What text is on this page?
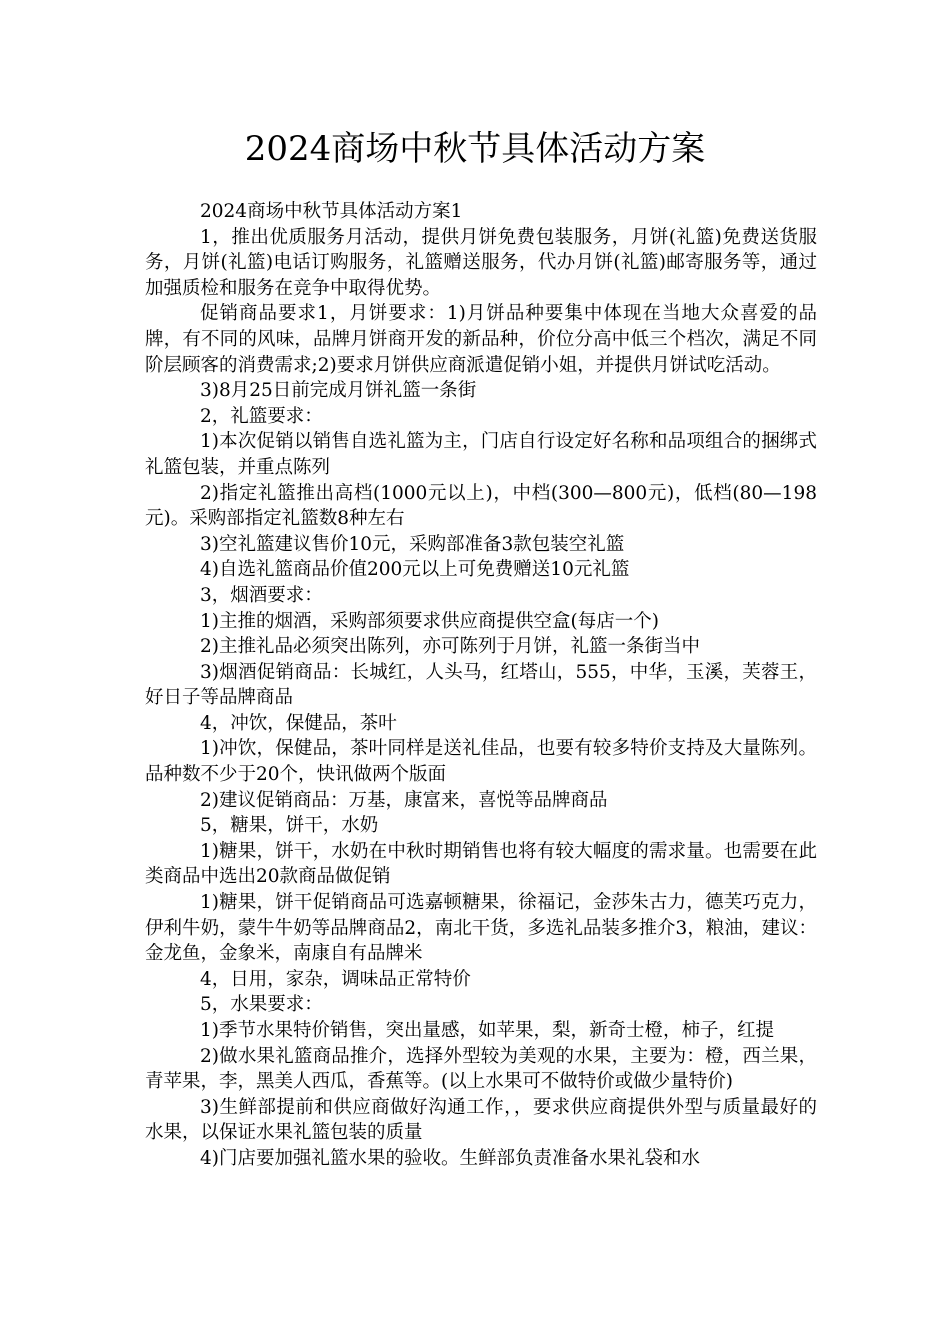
2024商场中秋节具体活动方案

2024商场中秋节具体活动方案1

1，推出优质服务月活动，提供月饼免费包装服务，月饼(礼篮)免费送货服务，月饼(礼篮)电话订购服务，礼篮赠送服务，代办月饼(礼篮)邮寄服务等，通过加强质检和服务在竞争中取得优势。

促销商品要求1，月饼要求：1)月饼品种要集中体现在当地大众喜爱的品牌，有不同的风味，品牌月饼商开发的新品种，价位分高中低三个档次，满足不同阶层顾客的消费需求;2)要求月饼供应商派遣促销小姐，并提供月饼试吃活动。

3)8月25日前完成月饼礼篮一条街

2，礼篮要求：

1)本次促销以销售自选礼篮为主，门店自行设定好名称和品项组合的捆绑式礼篮包装，并重点陈列

2)指定礼篮推出高档(1000元以上)，中档(300—800元)，低档(80—198元)。采购部指定礼篮数8种左右

3)空礼篮建议售价10元，采购部准备3款包装空礼篮

4)自选礼篮商品价值200元以上可免费赠送10元礼篮

3，烟酒要求：

1)主推的烟酒，采购部须要求供应商提供空盒(每店一个)

2)主推礼品必须突出陈列，亦可陈列于月饼，礼篮一条街当中

3)烟酒促销商品：长城红，人头马，红塔山，555，中华，玉溪，芙蓉王，好日子等品牌商品

4，冲饮，保健品，茶叶

1)冲饮，保健品，茶叶同样是送礼佳品，也要有较多特价支持及大量陈列。品种数不少于20个，快讯做两个版面

2)建议促销商品：万基，康富来，喜悦等品牌商品

5，糖果，饼干，水奶

1)糖果，饼干，水奶在中秋时期销售也将有较大幅度的需求量。也需要在此类商品中选出20款商品做促销

1)糖果，饼干促销商品可选嘉顿糖果，徐福记，金莎朱古力，德芙巧克力，伊利牛奶，蒙牛牛奶等品牌商品2，南北干货，多选礼品装多推介3，粮油，建议：金龙鱼，金象米，南康自有品牌米

4，日用，家杂，调味品正常特价

5，水果要求：

1)季节水果特价销售，突出量感，如苹果，梨，新奇士橙，柿子，红提

2)做水果礼篮商品推介，选择外型较为美观的水果，主要为：橙，西兰果，青苹果，李，黑美人西瓜，香蕉等。(以上水果可不做特价或做少量特价)

3)生鲜部提前和供应商做好沟通工作，，要求供应商提供外型与质量最好的水果，以保证水果礼篮包装的质量

4)门店要加强礼篮水果的验收。生鲜部负责准备水果礼袋和水
